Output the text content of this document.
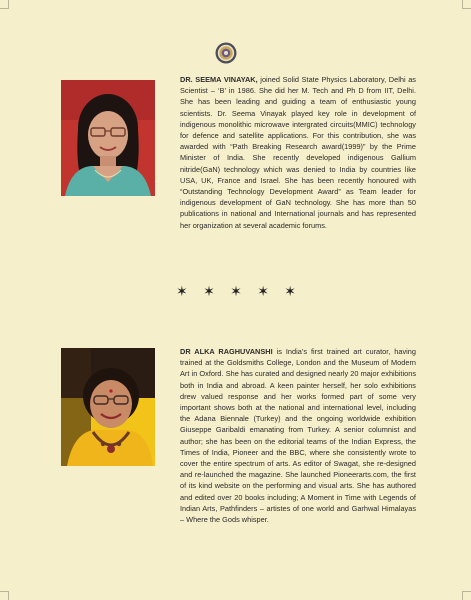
DR. SEEMA VINAYAK, joined Solid State Physics Laboratory, Delhi as Scientist – ‘B’ in 1986. She did her M. Tech and Ph D from IIT, Delhi. She has been leading and guiding a team of enthusiastic young scientists. Dr. Seema Vinayak played key role in development of indigenous monolithic microwave intergrated circuits(MMIC) technology for defence and satellite applications. For this contribution, she was awarded with “Path Breaking Research award(1999)” by the Prime Minister of India. She recently developed indigenous Gallium nitride(GaN) technology which was denied to India by countries like USA, UK, France and Israel. She has been recently honoured with “Outstanding Technology Development Award” as Team leader for indigenous development of GaN technology. She has more than 50 publications in national and International journals and has represented her organization at several academic forums.

✶ ✶ ✶ ✶ ✶

DR ALKA RAGHUVANSHI is India’s first trained art curator, having trained at the Goldsmiths College, London and the Museum of Modern Art in Oxford. She has curated and designed nearly 20 major exhibitions both in India and abroad. A keen painter herself, her solo exhibitions drew valued response and her works formed part of some very important shows both at the national and international level, including the Adana Biennale (Turkey) and the ongoing worldwide exhibition Giuseppe Garibaldi emanating from Turkey. A senior columnist and author; she has been on the editorial teams of the Indian Express, the Times of India, Pioneer and the BBC, where she consistently wrote to cover the entire spectrum of arts. As editor of Swagat, she re-designed and re-launched the magazine. She launched Pioneerarts.com, the first of its kind website on the performing and visual arts. She has authored and edited over 20 books including; A Moment in Time with Legends of Indian Arts, Pathfinders – artistes of one world and Garhwal Himalayas – Where the Gods whisper.
